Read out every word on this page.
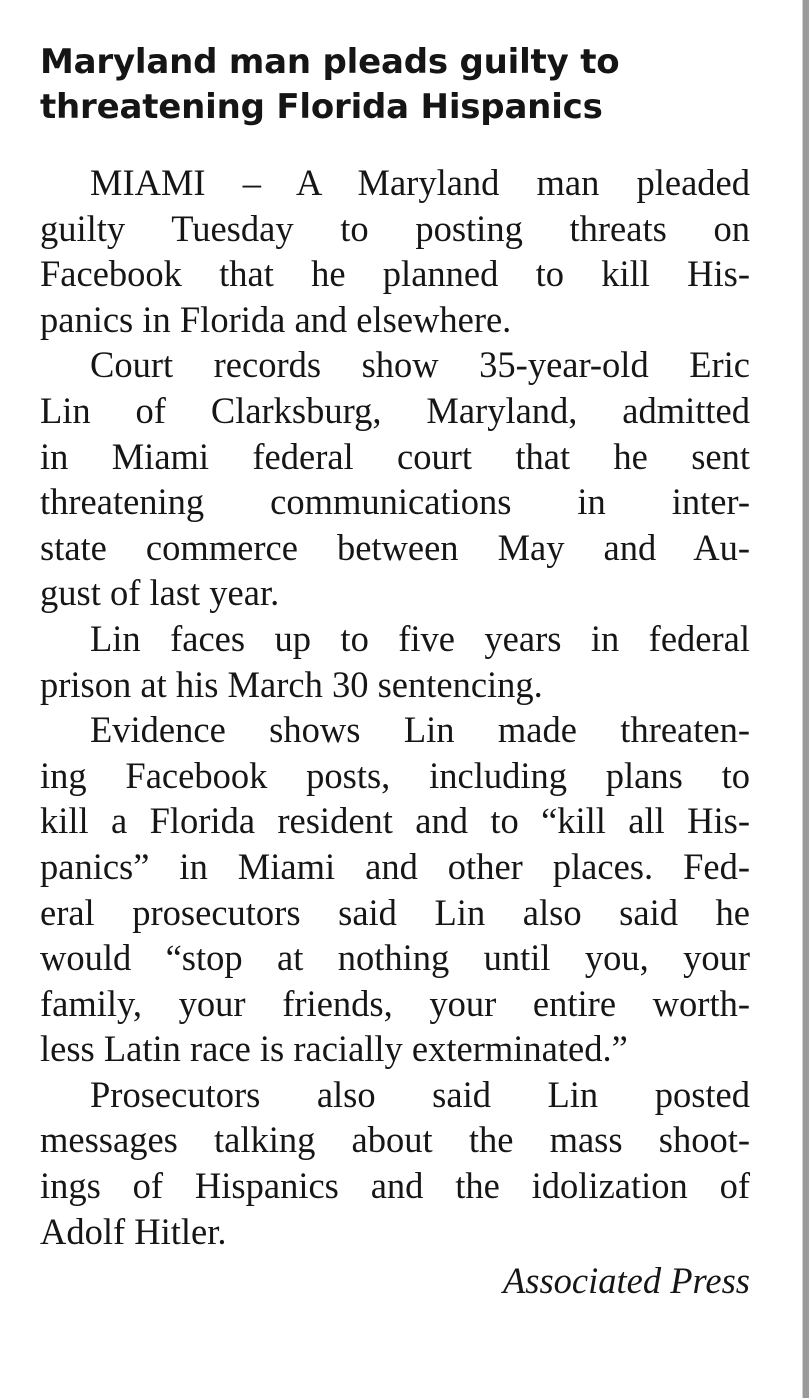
Maryland man pleads guilty to
threatening Florida Hispanics

MIAMI – A Maryland man pleaded
guilty Tuesday to posting threats on
Facebook that he planned to kill His-
panics in Florida and elsewhere.

Court records show 35-year-old Eric
Lin of Clarksburg, Maryland, admitted
in Miami federal court that he sent
threatening communications in inter-
state commerce between May and Au-
gust of last year.

Lin faces up to five years in federal
prison at his March 30 sentencing.

Evidence shows Lin made threaten-
ing Facebook posts, including plans to
kill a Florida resident and to “kill all His-
panics” in Miami and other places. Fed-
eral prosecutors said Lin also said he
would “stop at nothing until you, your
family, your friends, your entire worth-
less Latin race is racially exterminated.”

Prosecutors also said Lin posted
messages talking about the mass shoot-
ings of Hispanics and the idolization of
Adolf Hitler.

Associated Press
